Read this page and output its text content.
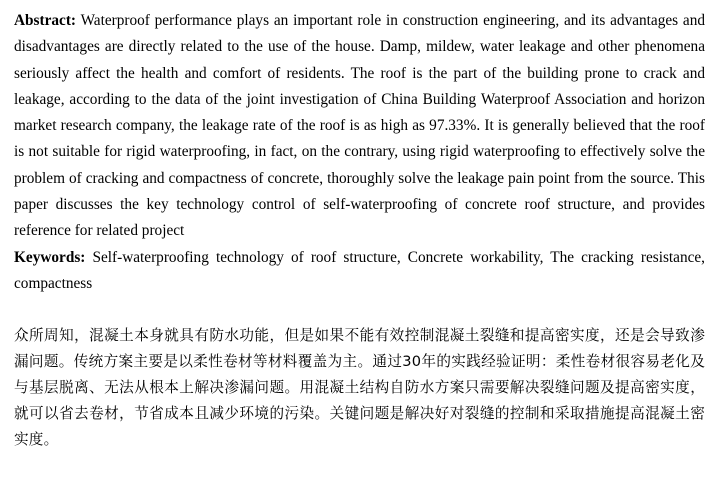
Abstract: Waterproof performance plays an important role in construction engineering, and its advantages and disadvantages are directly related to the use of the house. Damp, mildew, water leakage and other phenomena seriously affect the health and comfort of residents. The roof is the part of the building prone to crack and leakage, according to the data of the joint investigation of China Building Waterproof Association and horizon market research company, the leakage rate of the roof is as high as 97.33%. It is generally believed that the roof is not suitable for rigid waterproofing, in fact, on the contrary, using rigid waterproofing to effectively solve the problem of cracking and compactness of concrete, thoroughly solve the leakage pain point from the source. This paper discusses the key technology control of self-waterproofing of concrete roof structure, and provides reference for related project

Keywords: Self-waterproofing technology of roof structure, Concrete workability, The cracking resistance, compactness

众所周知，混凝土本身就具有防水功能，但是如果不能有效控制混凝土裂缝和提高密实度，还是会导致渗漏问题。传统方案主要是以柔性卷材等材料覆盖为主。通过30年的实践经验证明：柔性卷材很容易老化及与基层脱离、无法从根本上解决渗漏问题。用混凝土结构自防水方案只需要解决裂缝问题及提高密实度，就可以省去卷材，节省成本且减少环境的污染。关键问题是解决好对裂缝的控制和采取措施提高混凝土密实度。
